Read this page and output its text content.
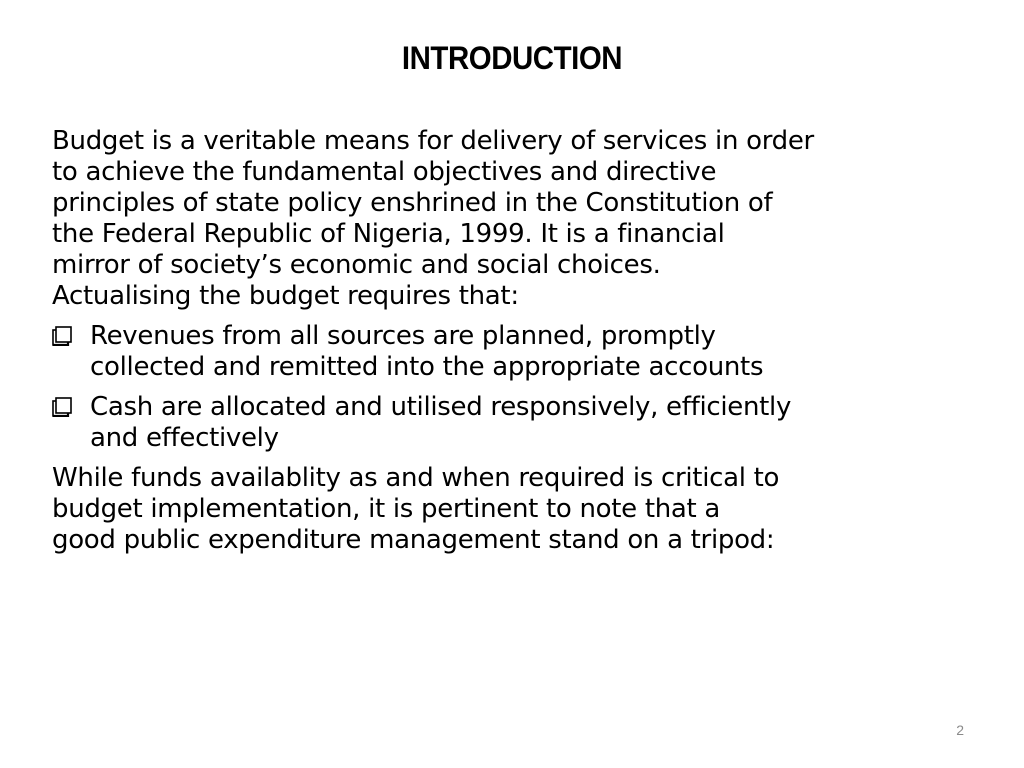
INTRODUCTION

Budget is a veritable means for delivery of services in order
to achieve the fundamental objectives and directive
principles of state policy enshrined in the Constitution of
the Federal Republic of Nigeria, 1999. It is a financial
mirror of society’s economic and social choices.
Actualising the budget requires that:

Revenues from all sources are planned, promptly
collected and remitted into the appropriate accounts
Cash are allocated and utilised responsively, efficiently
and effectively

While funds availablity as and when required is critical to
budget implementation, it is pertinent to note that a
good public expenditure management stand on a tripod:

2
